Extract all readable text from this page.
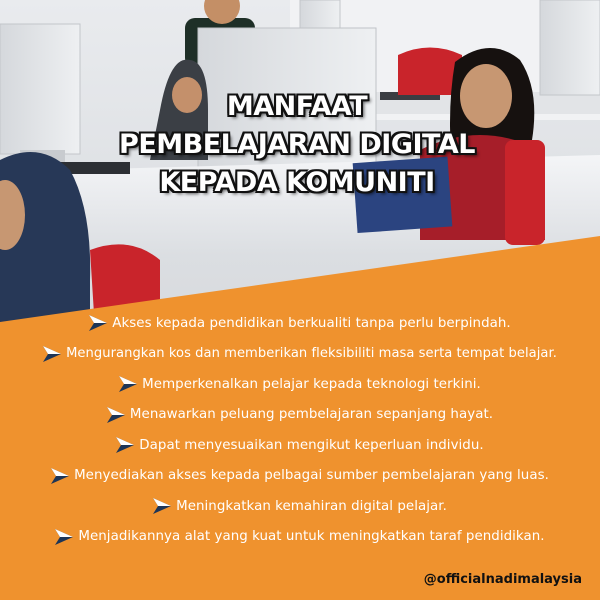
MANFAAT
PEMBELAJARAN DIGITAL
KEPADA KOMUNITI
Akses kepada pendidikan berkualiti tanpa perlu berpindah.
Mengurangkan kos dan memberikan fleksibiliti masa serta tempat belajar.
Memperkenalkan pelajar kepada teknologi terkini.
Menawarkan peluang pembelajaran sepanjang hayat.
Dapat menyesuaikan mengikut keperluan individu.
Menyediakan akses kepada pelbagai sumber pembelajaran yang luas.
Meningkatkan kemahiran digital pelajar.
Menjadikannya alat yang kuat untuk meningkatkan taraf pendidikan.
@officialnadimalaysia
